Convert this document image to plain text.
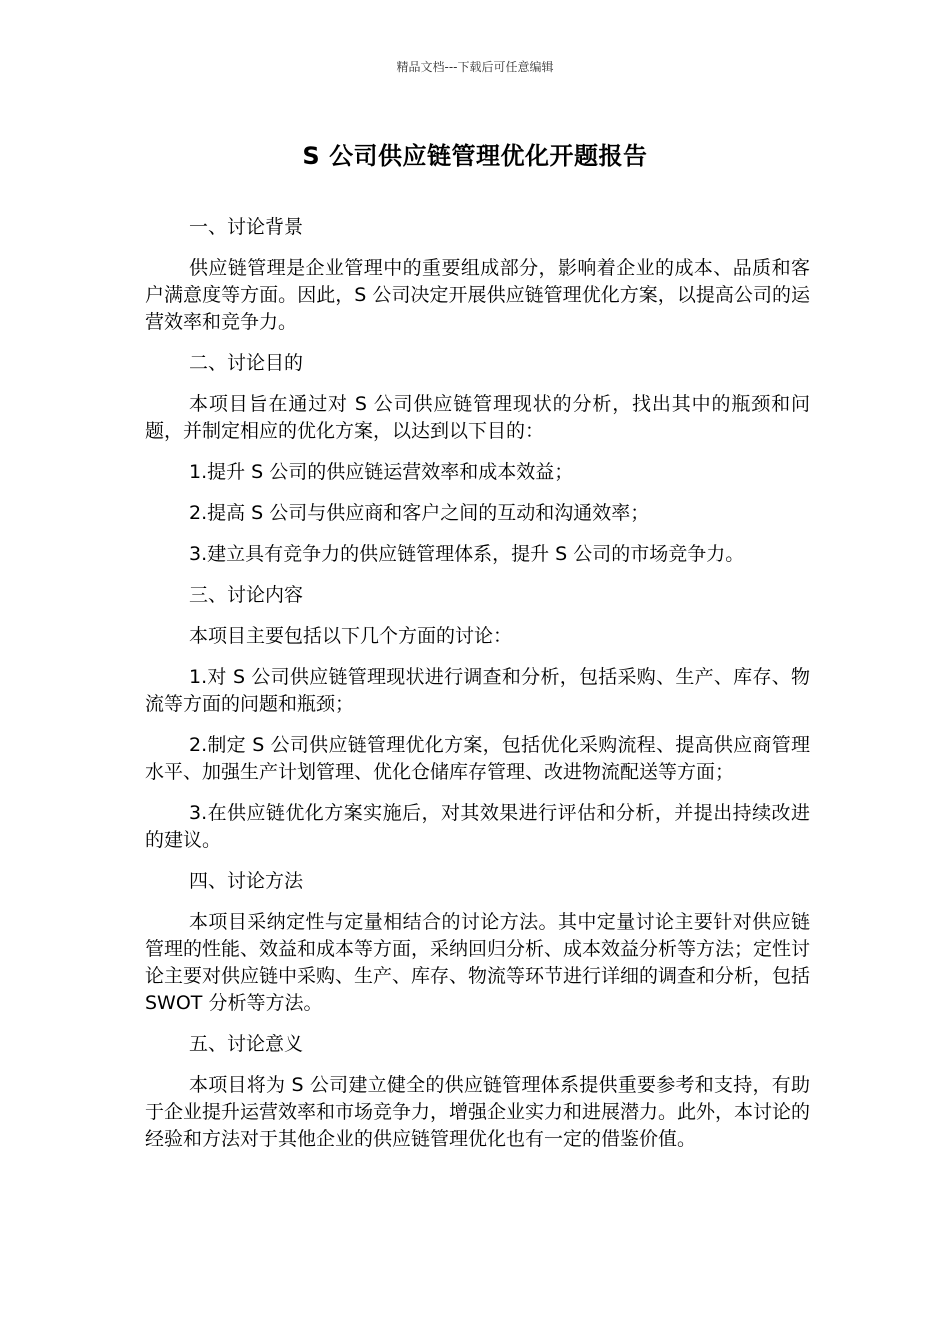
精品文档---下载后可任意编辑
S 公司供应链管理优化开题报告

一、讨论背景

供应链管理是企业管理中的重要组成部分，影响着企业的成本、品质和客户满意度等方面。因此，S 公司决定开展供应链管理优化方案，以提高公司的运营效率和竞争力。

二、讨论目的

本项目旨在通过对 S 公司供应链管理现状的分析，找出其中的瓶颈和问题，并制定相应的优化方案，以达到以下目的：

1.提升 S 公司的供应链运营效率和成本效益；

2.提高 S 公司与供应商和客户之间的互动和沟通效率；

3.建立具有竞争力的供应链管理体系，提升 S 公司的市场竞争力。

三、讨论内容

本项目主要包括以下几个方面的讨论：

1.对 S 公司供应链管理现状进行调查和分析，包括采购、生产、库存、物流等方面的问题和瓶颈；

2.制定 S 公司供应链管理优化方案，包括优化采购流程、提高供应商管理水平、加强生产计划管理、优化仓储库存管理、改进物流配送等方面；

3.在供应链优化方案实施后，对其效果进行评估和分析，并提出持续改进的建议。

四、讨论方法

本项目采纳定性与定量相结合的讨论方法。其中定量讨论主要针对供应链管理的性能、效益和成本等方面，采纳回归分析、成本效益分析等方法；定性讨论主要对供应链中采购、生产、库存、物流等环节进行详细的调查和分析，包括 SWOT 分析等方法。

五、讨论意义

本项目将为 S 公司建立健全的供应链管理体系提供重要参考和支持，有助于企业提升运营效率和市场竞争力，增强企业实力和进展潜力。此外，本讨论的经验和方法对于其他企业的供应链管理优化也有一定的借鉴价值。
